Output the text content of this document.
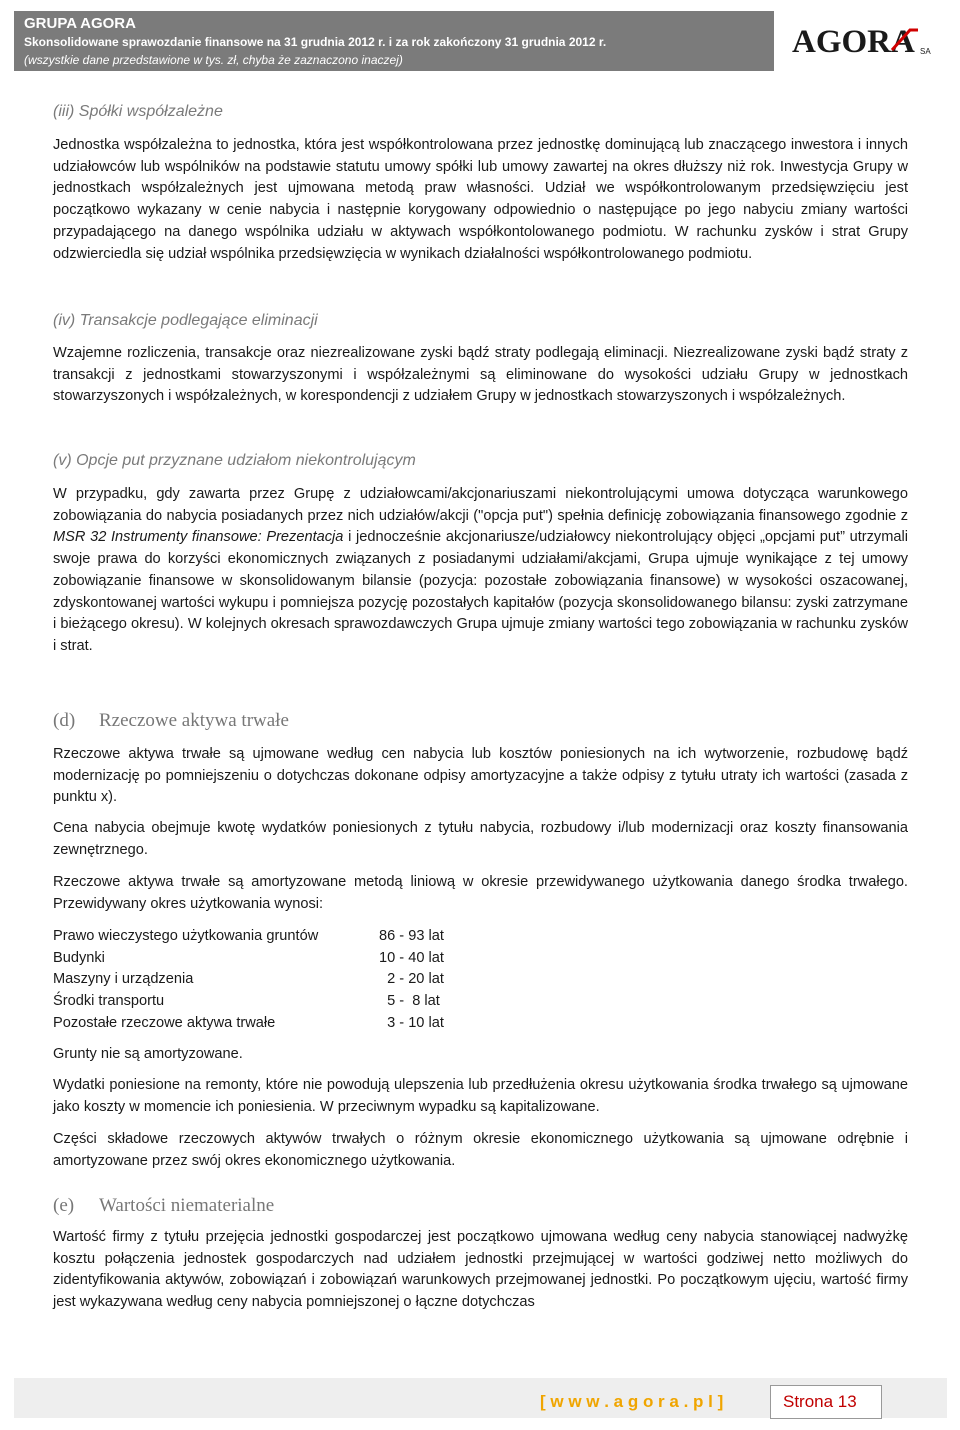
GRUPA AGORA
Skonsolidowane sprawozdanie finansowe na 31 grudnia 2012 r. i za rok zakończony 31 grudnia 2012 r.
(wszystkie dane przedstawione w tys. zł, chyba że zaznaczono inaczej)	AGORA SA
(iii) Spółki współzależne

Jednostka współzależna to jednostka, która jest współkontrolowana przez jednostkę dominującą lub znaczącego inwestora i innych udziałowców lub wspólników na podstawie statutu umowy spółki lub umowy zawartej na okres dłuższy niż rok. Inwestycja Grupy w jednostkach współzależnych jest ujmowana metodą praw własności. Udział we współkontrolowanym przedsięwzięciu jest początkowo wykazany w cenie nabycia i następnie korygowany odpowiednio o następujące po jego nabyciu zmiany wartości przypadającego na danego wspólnika udziału w aktywach współkontolowanego podmiotu. W rachunku zysków i strat Grupy odzwierciedla się udział wspólnika przedsięwzięcia w wynikach działalności współkontrolowanego podmiotu.

(iv) Transakcje podlegające eliminacji

Wzajemne rozliczenia, transakcje oraz niezrealizowane zyski bądź straty podlegają eliminacji. Niezrealizowane zyski bądź straty z transakcji z jednostkami stowarzyszonymi i współzależnymi są eliminowane do wysokości udziału Grupy w jednostkach stowarzyszonych i współzależnych, w korespondencji z udziałem Grupy w jednostkach stowarzyszonych i współzależnych.

(v) Opcje put przyznane udziałom niekontrolującym

W przypadku, gdy zawarta przez Grupę z udziałowcami/akcjonariuszami niekontrolującymi umowa dotycząca warunkowego zobowiązania do nabycia posiadanych przez nich udziałów/akcji ("opcja put") spełnia definicję zobowiązania finansowego zgodnie z MSR 32 Instrumenty finansowe: Prezentacja i jednocześnie akcjonariusze/udziałowcy niekontrolujący objęci „opcjami put” utrzymali swoje prawa do korzyści ekonomicznych związanych z posiadanymi udziałami/akcjami, Grupa ujmuje wynikające z tej umowy zobowiązanie finansowe w skonsolidowanym bilansie (pozycja: pozostałe zobowiązania finansowe) w wysokości oszacowanej, zdyskontowanej wartości wykupu i pomniejsza pozycję pozostałych kapitałów (pozycja skonsolidowanego bilansu: zyski zatrzymane i bieżącego okresu). W kolejnych okresach sprawozdawczych Grupa ujmuje zmiany wartości tego zobowiązania w rachunku zysków i strat.

(d) Rzeczowe aktywa trwałe

Rzeczowe aktywa trwałe są ujmowane według cen nabycia lub kosztów poniesionych na ich wytworzenie, rozbudowę bądź modernizację po pomniejszeniu o dotychczas dokonane odpisy amortyzacyjne a także odpisy z tytułu utraty ich wartości (zasada z punktu x).

Cena nabycia obejmuje kwotę wydatków poniesionych z tytułu nabycia, rozbudowy i/lub modernizacji oraz koszty finansowania zewnętrznego.

Rzeczowe aktywa trwałe są amortyzowane metodą liniową w okresie przewidywanego użytkowania danego środka trwałego. Przewidywany okres użytkowania wynosi:

Prawo wieczystego użytkowania gruntów	86 - 93 lat
Budynki	10 - 40 lat
Maszyny i urządzenia	2 - 20 lat
Środki transportu	5 -  8 lat
Pozostałe rzeczowe aktywa trwałe	3 - 10 lat

Grunty nie są amortyzowane.

Wydatki poniesione na remonty, które nie powodują ulepszenia lub przedłużenia okresu użytkowania środka trwałego są ujmowane jako koszty w momencie ich poniesienia. W przeciwnym wypadku są kapitalizowane.

Części składowe rzeczowych aktywów trwałych o różnym okresie ekonomicznego użytkowania są ujmowane odrębnie i amortyzowane przez swój okres ekonomicznego użytkowania.

(e) Wartości niematerialne

Wartość firmy z tytułu przejęcia jednostki gospodarczej jest początkowo ujmowana według ceny nabycia stanowiącej nadwyżkę kosztu połączenia jednostek gospodarczych nad udziałem jednostki przejmującej w wartości godziwej netto możliwych do zidentyfikowania aktywów, zobowiązań i zobowiązań warunkowych przejmowanej jednostki. Po początkowym ujęciu, wartość firmy jest wykazywana według ceny nabycia pomniejszonej o łączne dotychczas

[ w w w . a g o r a . p l ]	Strona 13
